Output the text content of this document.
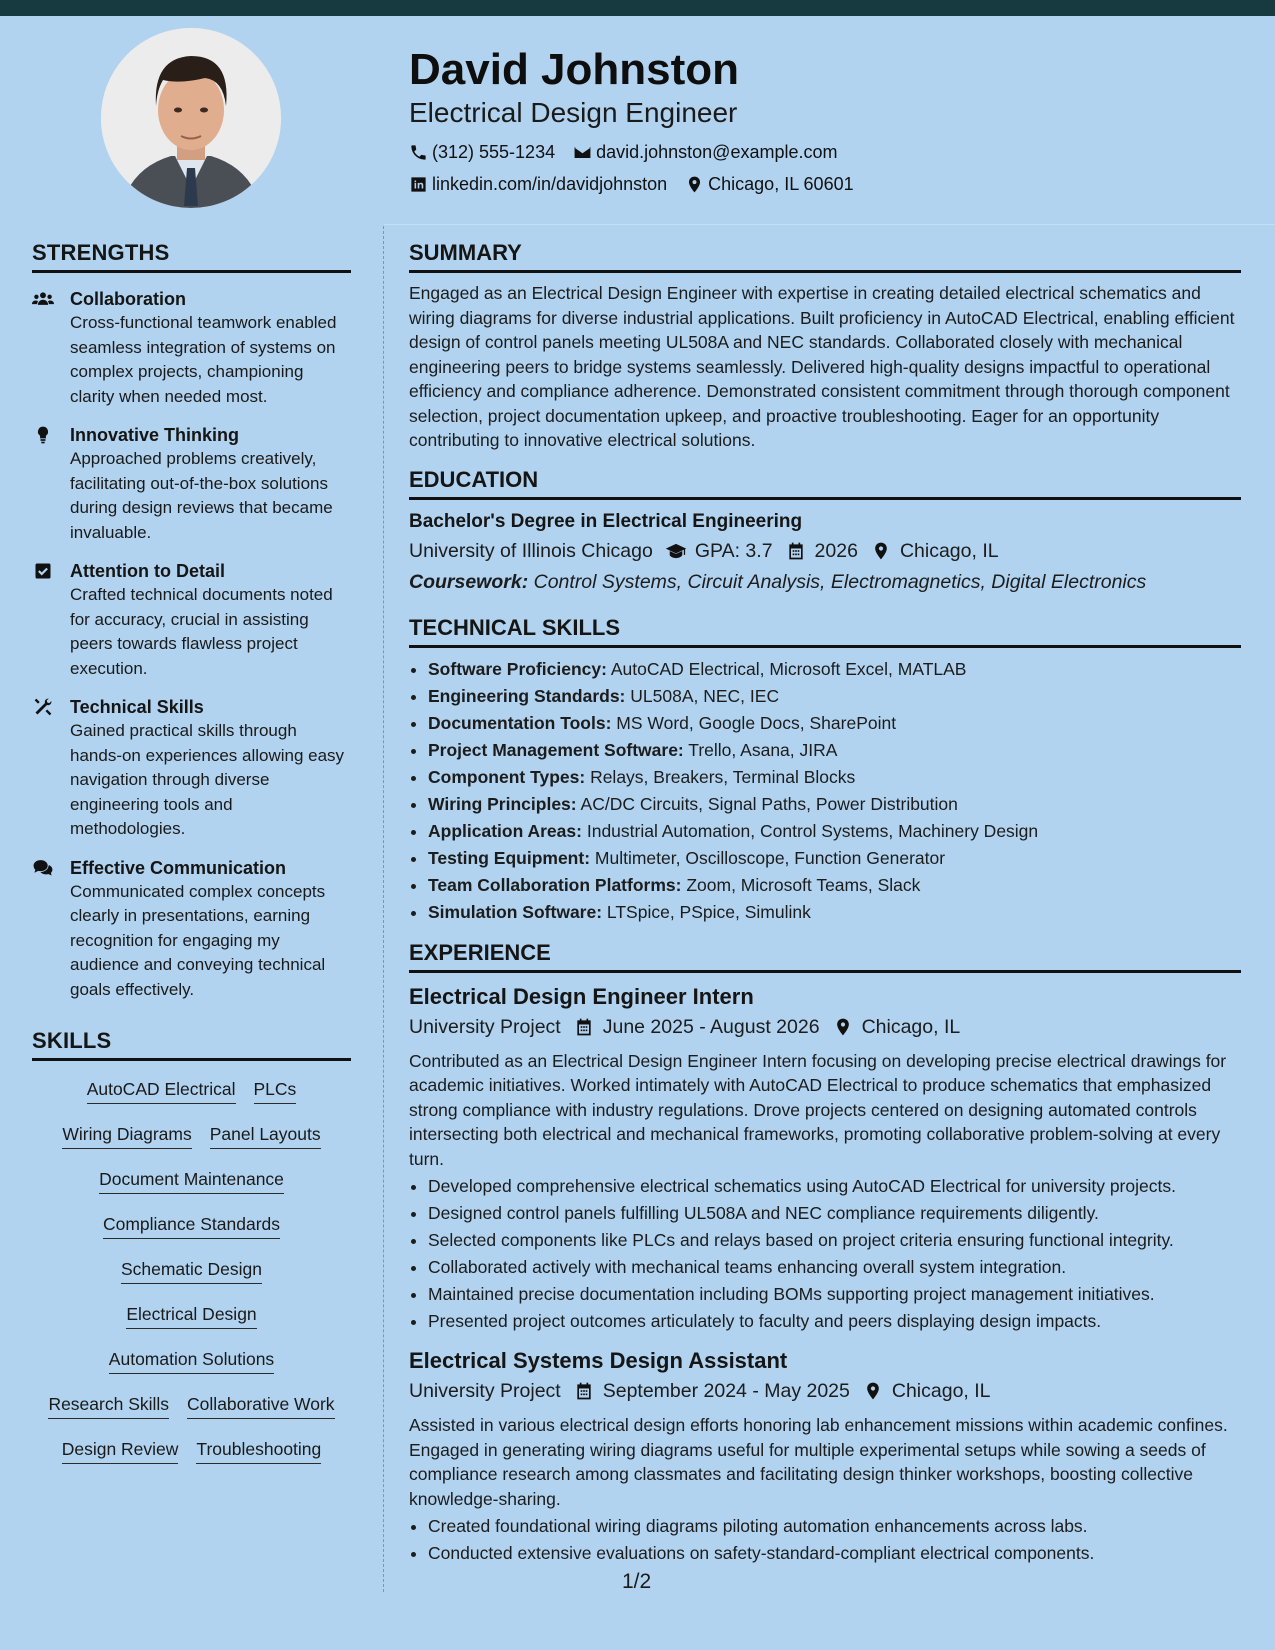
David Johnston
Electrical Design Engineer
(312) 555-1234 david.johnston@example.com
linkedin.com/in/davidjohnston Chicago, IL 60601
STRENGTHS
Collaboration
Cross-functional teamwork enabled seamless integration of systems on complex projects, championing clarity when needed most.
Innovative Thinking
Approached problems creatively, facilitating out-of-the-box solutions during design reviews that became invaluable.
Attention to Detail
Crafted technical documents noted for accuracy, crucial in assisting peers towards flawless project execution.
Technical Skills
Gained practical skills through hands-on experiences allowing easy navigation through diverse engineering tools and methodologies.
Effective Communication
Communicated complex concepts clearly in presentations, earning recognition for engaging my audience and conveying technical goals effectively.
SKILLS
AutoCAD Electrical PLCs
Wiring Diagrams Panel Layouts
Document Maintenance
Compliance Standards
Schematic Design
Electrical Design
Automation Solutions
Research Skills Collaborative Work
Design Review Troubleshooting
SUMMARY

Engaged as an Electrical Design Engineer with expertise in creating detailed electrical schematics and wiring diagrams for diverse industrial applications. Built proficiency in AutoCAD Electrical, enabling efficient design of control panels meeting UL508A and NEC standards. Collaborated closely with mechanical engineering peers to bridge systems seamlessly. Delivered high-quality designs impactful to operational efficiency and compliance adherence. Demonstrated consistent commitment through thorough component selection, project documentation upkeep, and proactive troubleshooting. Eager for an opportunity contributing to innovative electrical solutions.

EDUCATION
Bachelor's Degree in Electrical Engineering
University of Illinois Chicago GPA: 3.7 2026 Chicago, IL
Coursework: Control Systems, Circuit Analysis, Electromagnetics, Digital Electronics
TECHNICAL SKILLS
• Software Proficiency: AutoCAD Electrical, Microsoft Excel, MATLAB
• Engineering Standards: UL508A, NEC, IEC
• Documentation Tools: MS Word, Google Docs, SharePoint
• Project Management Software: Trello, Asana, JIRA
• Component Types: Relays, Breakers, Terminal Blocks
• Wiring Principles: AC/DC Circuits, Signal Paths, Power Distribution
• Application Areas: Industrial Automation, Control Systems, Machinery Design
• Testing Equipment: Multimeter, Oscilloscope, Function Generator
• Team Collaboration Platforms: Zoom, Microsoft Teams, Slack
• Simulation Software: LTSpice, PSpice, Simulink
EXPERIENCE
Electrical Design Engineer Intern
University Project June 2025 - August 2026 Chicago, IL

Contributed as an Electrical Design Engineer Intern focusing on developing precise electrical drawings for academic initiatives. Worked intimately with AutoCAD Electrical to produce schematics that emphasized strong compliance with industry regulations. Drove projects centered on designing automated controls intersecting both electrical and mechanical frameworks, promoting collaborative problem-solving at every turn.

• Developed comprehensive electrical schematics using AutoCAD Electrical for university projects.
• Designed control panels fulfilling UL508A and NEC compliance requirements diligently.
• Selected components like PLCs and relays based on project criteria ensuring functional integrity.
• Collaborated actively with mechanical teams enhancing overall system integration.
• Maintained precise documentation including BOMs supporting project management initiatives.
• Presented project outcomes articulately to faculty and peers displaying design impacts.
Electrical Systems Design Assistant
University Project September 2024 - May 2025 Chicago, IL

Assisted in various electrical design efforts honoring lab enhancement missions within academic confines. Engaged in generating wiring diagrams useful for multiple experimental setups while sowing a seeds of compliance research among classmates and facilitating design thinker workshops, boosting collective knowledge-sharing.

• Created foundational wiring diagrams piloting automation enhancements across labs.
• Conducted extensive evaluations on safety-standard-compliant electrical components.
1/2
